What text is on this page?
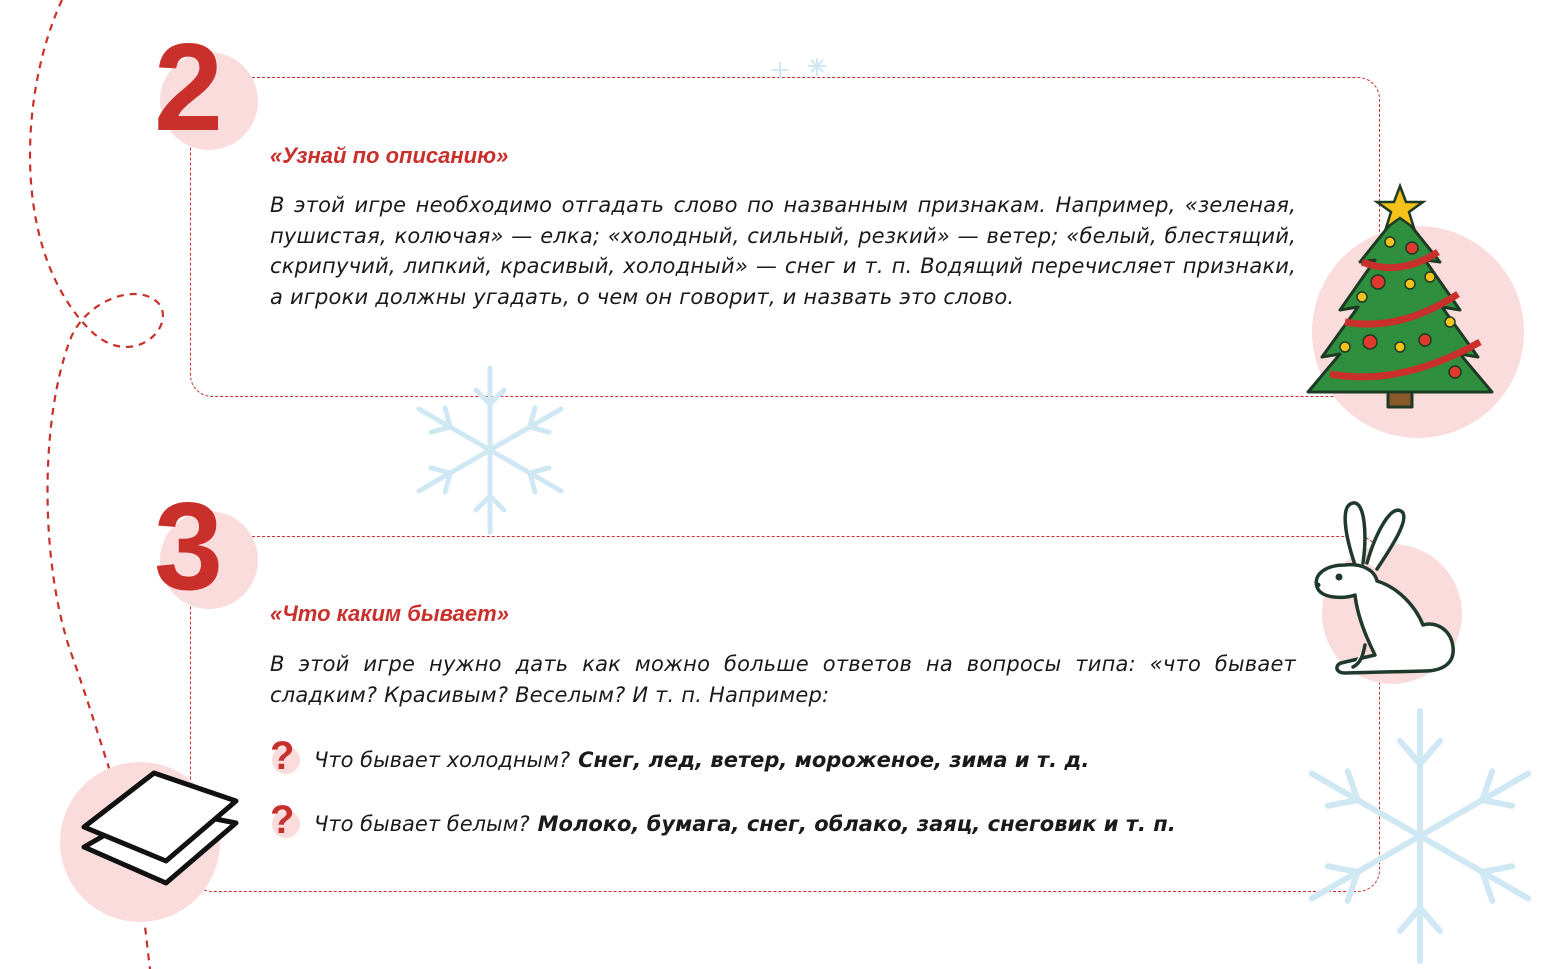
2 «Узнай по описанию»
В этой игре необходимо отгадать слово по названным признакам. Например, «зеленая, пушистая, колючая» — елка; «холодный, сильный, резкий» — ветер; «белый, блестящий, скрипучий, липкий, красивый, холодный» — снег и т. п. Водящий перечисляет признаки, а игроки должны угадать, о чем он говорит, и назвать это слово.
3 «Что каким бывает»
В этой игре нужно дать как можно больше ответов на вопросы типа: «что бывает сладким? Красивым? Веселым? И т. п. Например:
? Что бывает холодным? Снег, лед, ветер, мороженое, зима и т. д.
? Что бывает белым? Молоко, бумага, снег, облако, заяц, снеговик и т. п.
